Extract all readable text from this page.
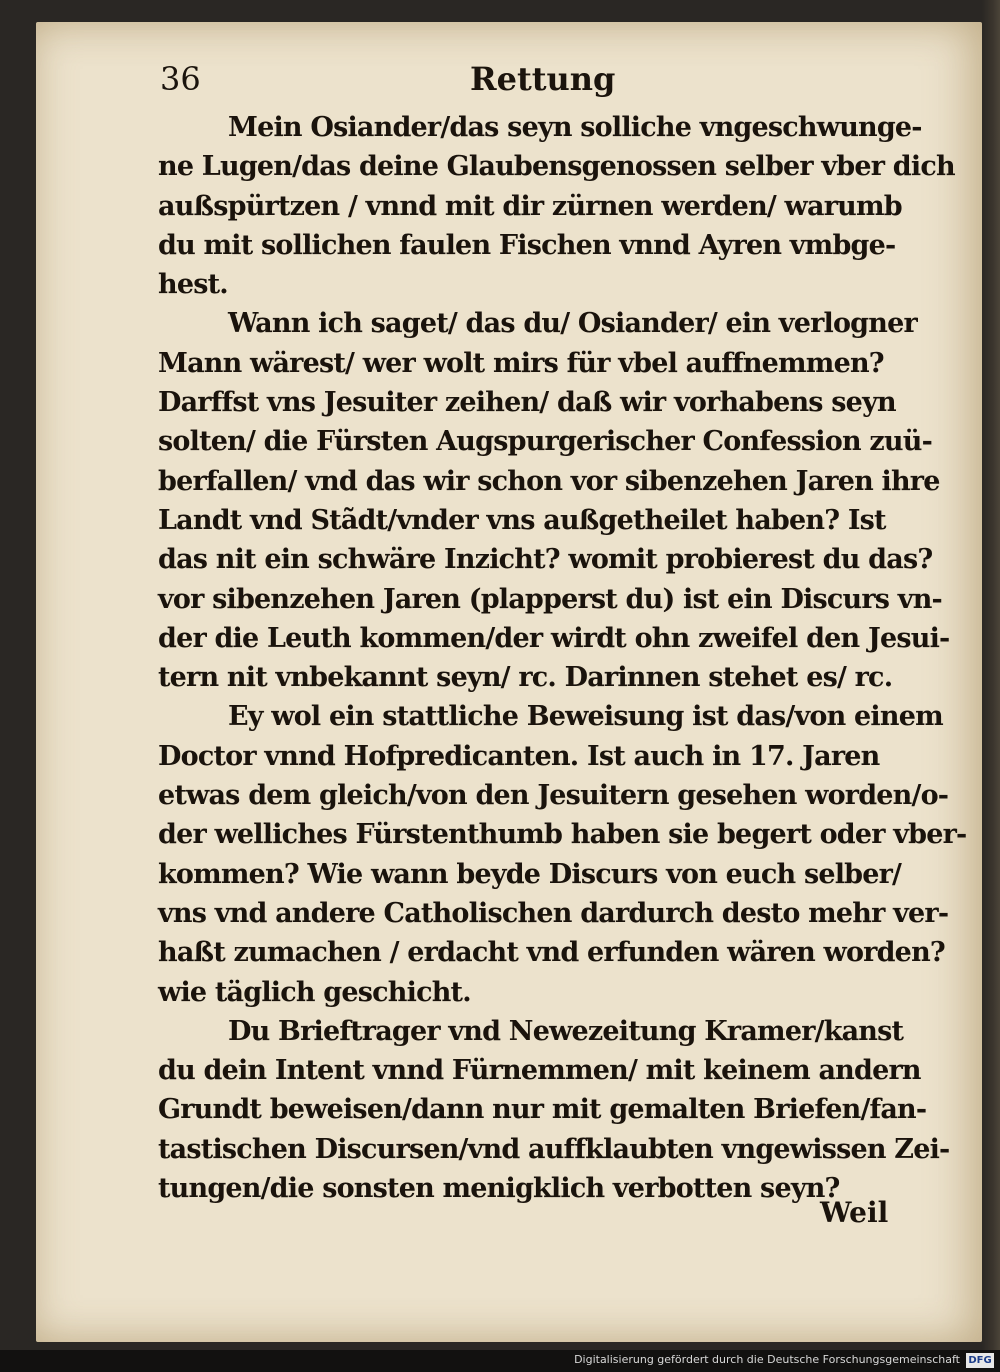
36	Rettung
Mein Osiander/das seyn solliche vngeschwunge-
ne Lugen/das deine Glaubensgenossen selber vber dich
außspürtzen / vnnd mit dir zürnen werden/ warumb
du mit sollichen faulen Fischen vnnd Ayren vmbge-
hest.
Wann ich saget/ das du/ Osiander/ ein verlogner
Mann wärest/ wer wolt mirs für vbel auffnemmen?
Darffst vns Jesuiter zeihen/ daß wir vorhabens seyn
solten/ die Fürsten Augspurgerischer Confession zuü-
berfallen/ vnd das wir schon vor sibenzehen Jaren ihre
Landt vnd Stãdt/vnder vns außgetheilet haben? Ist
das nit ein schwäre Inzicht? womit probierest du das?
vor sibenzehen Jaren (plapperst du) ist ein Discurs vn-
der die Leuth kommen/der wirdt ohn zweifel den Jesui-
tern nit vnbekannt seyn/ rc. Darinnen stehet es/ rc.
Ey wol ein stattliche Beweisung ist das/von einem
Doctor vnnd Hofpredicanten. Ist auch in 17. Jaren
etwas dem gleich/von den Jesuitern gesehen worden/o-
der welliches Fürstenthumb haben sie begert oder vber-
kommen? Wie wann beyde Discurs von euch selber/
vns vnd andere Catholischen dardurch desto mehr ver-
haßt zumachen / erdacht vnd erfunden wären worden?
wie täglich geschicht.
Du Brieftrager vnd Newezeitung Kramer/kanst
du dein Intent vnnd Fürnemmen/ mit keinem andern
Grundt beweisen/dann nur mit gemalten Briefen/fan-
tastischen Discursen/vnd auffklaubten vngewissen Zei-
tungen/die sonsten menigklich verbotten seyn?
Weil
Digitalisierung gefördert durch die Deutsche Forschungsgemeinschaft DFG
